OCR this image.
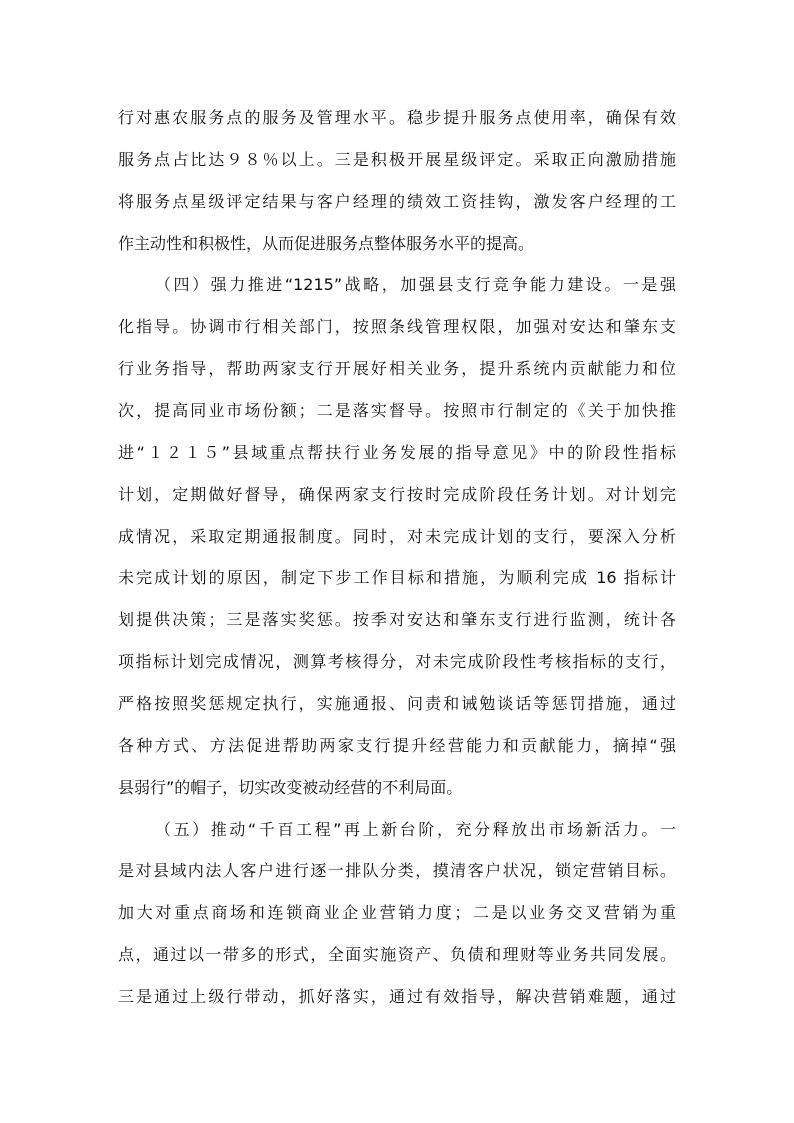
行对惠农服务点的服务及管理水平。稳步提升服务点使用率，确保有效
服务点占比达９８％以上。三是积极开展星级评定。采取正向激励措施
将服务点星级评定结果与客户经理的绩效工资挂钩，激发客户经理的工
作主动性和积极性，从而促进服务点整体服务水平的提高。
（四）强力推进“1215”战略，加强县支行竞争能力建设。一是强
化指导。协调市行相关部门，按照条线管理权限，加强对安达和肇东支
行业务指导，帮助两家支行开展好相关业务，提升系统内贡献能力和位
次，提高同业市场份额；二是落实督导。按照市行制定的《关于加快推
进“１２１５”县域重点帮扶行业务发展的指导意见》中的阶段性指标
计划，定期做好督导，确保两家支行按时完成阶段任务计划。对计划完
成情况，采取定期通报制度。同时，对未完成计划的支行，要深入分析
未完成计划的原因，制定下步工作目标和措施，为顺利完成 16 指标计
划提供决策；三是落实奖惩。按季对安达和肇东支行进行监测，统计各
项指标计划完成情况，测算考核得分，对未完成阶段性考核指标的支行，
严格按照奖惩规定执行，实施通报、问责和诫勉谈话等惩罚措施，通过
各种方式、方法促进帮助两家支行提升经营能力和贡献能力，摘掉“强
县弱行”的帽子，切实改变被动经营的不利局面。
（五）推动“千百工程”再上新台阶，充分释放出市场新活力。一
是对县域内法人客户进行逐一排队分类，摸清客户状况，锁定营销目标。
加大对重点商场和连锁商业企业营销力度；二是以业务交叉营销为重
点，通过以一带多的形式，全面实施资产、负债和理财等业务共同发展。
三是通过上级行带动，抓好落实，通过有效指导，解决营销难题，通过
